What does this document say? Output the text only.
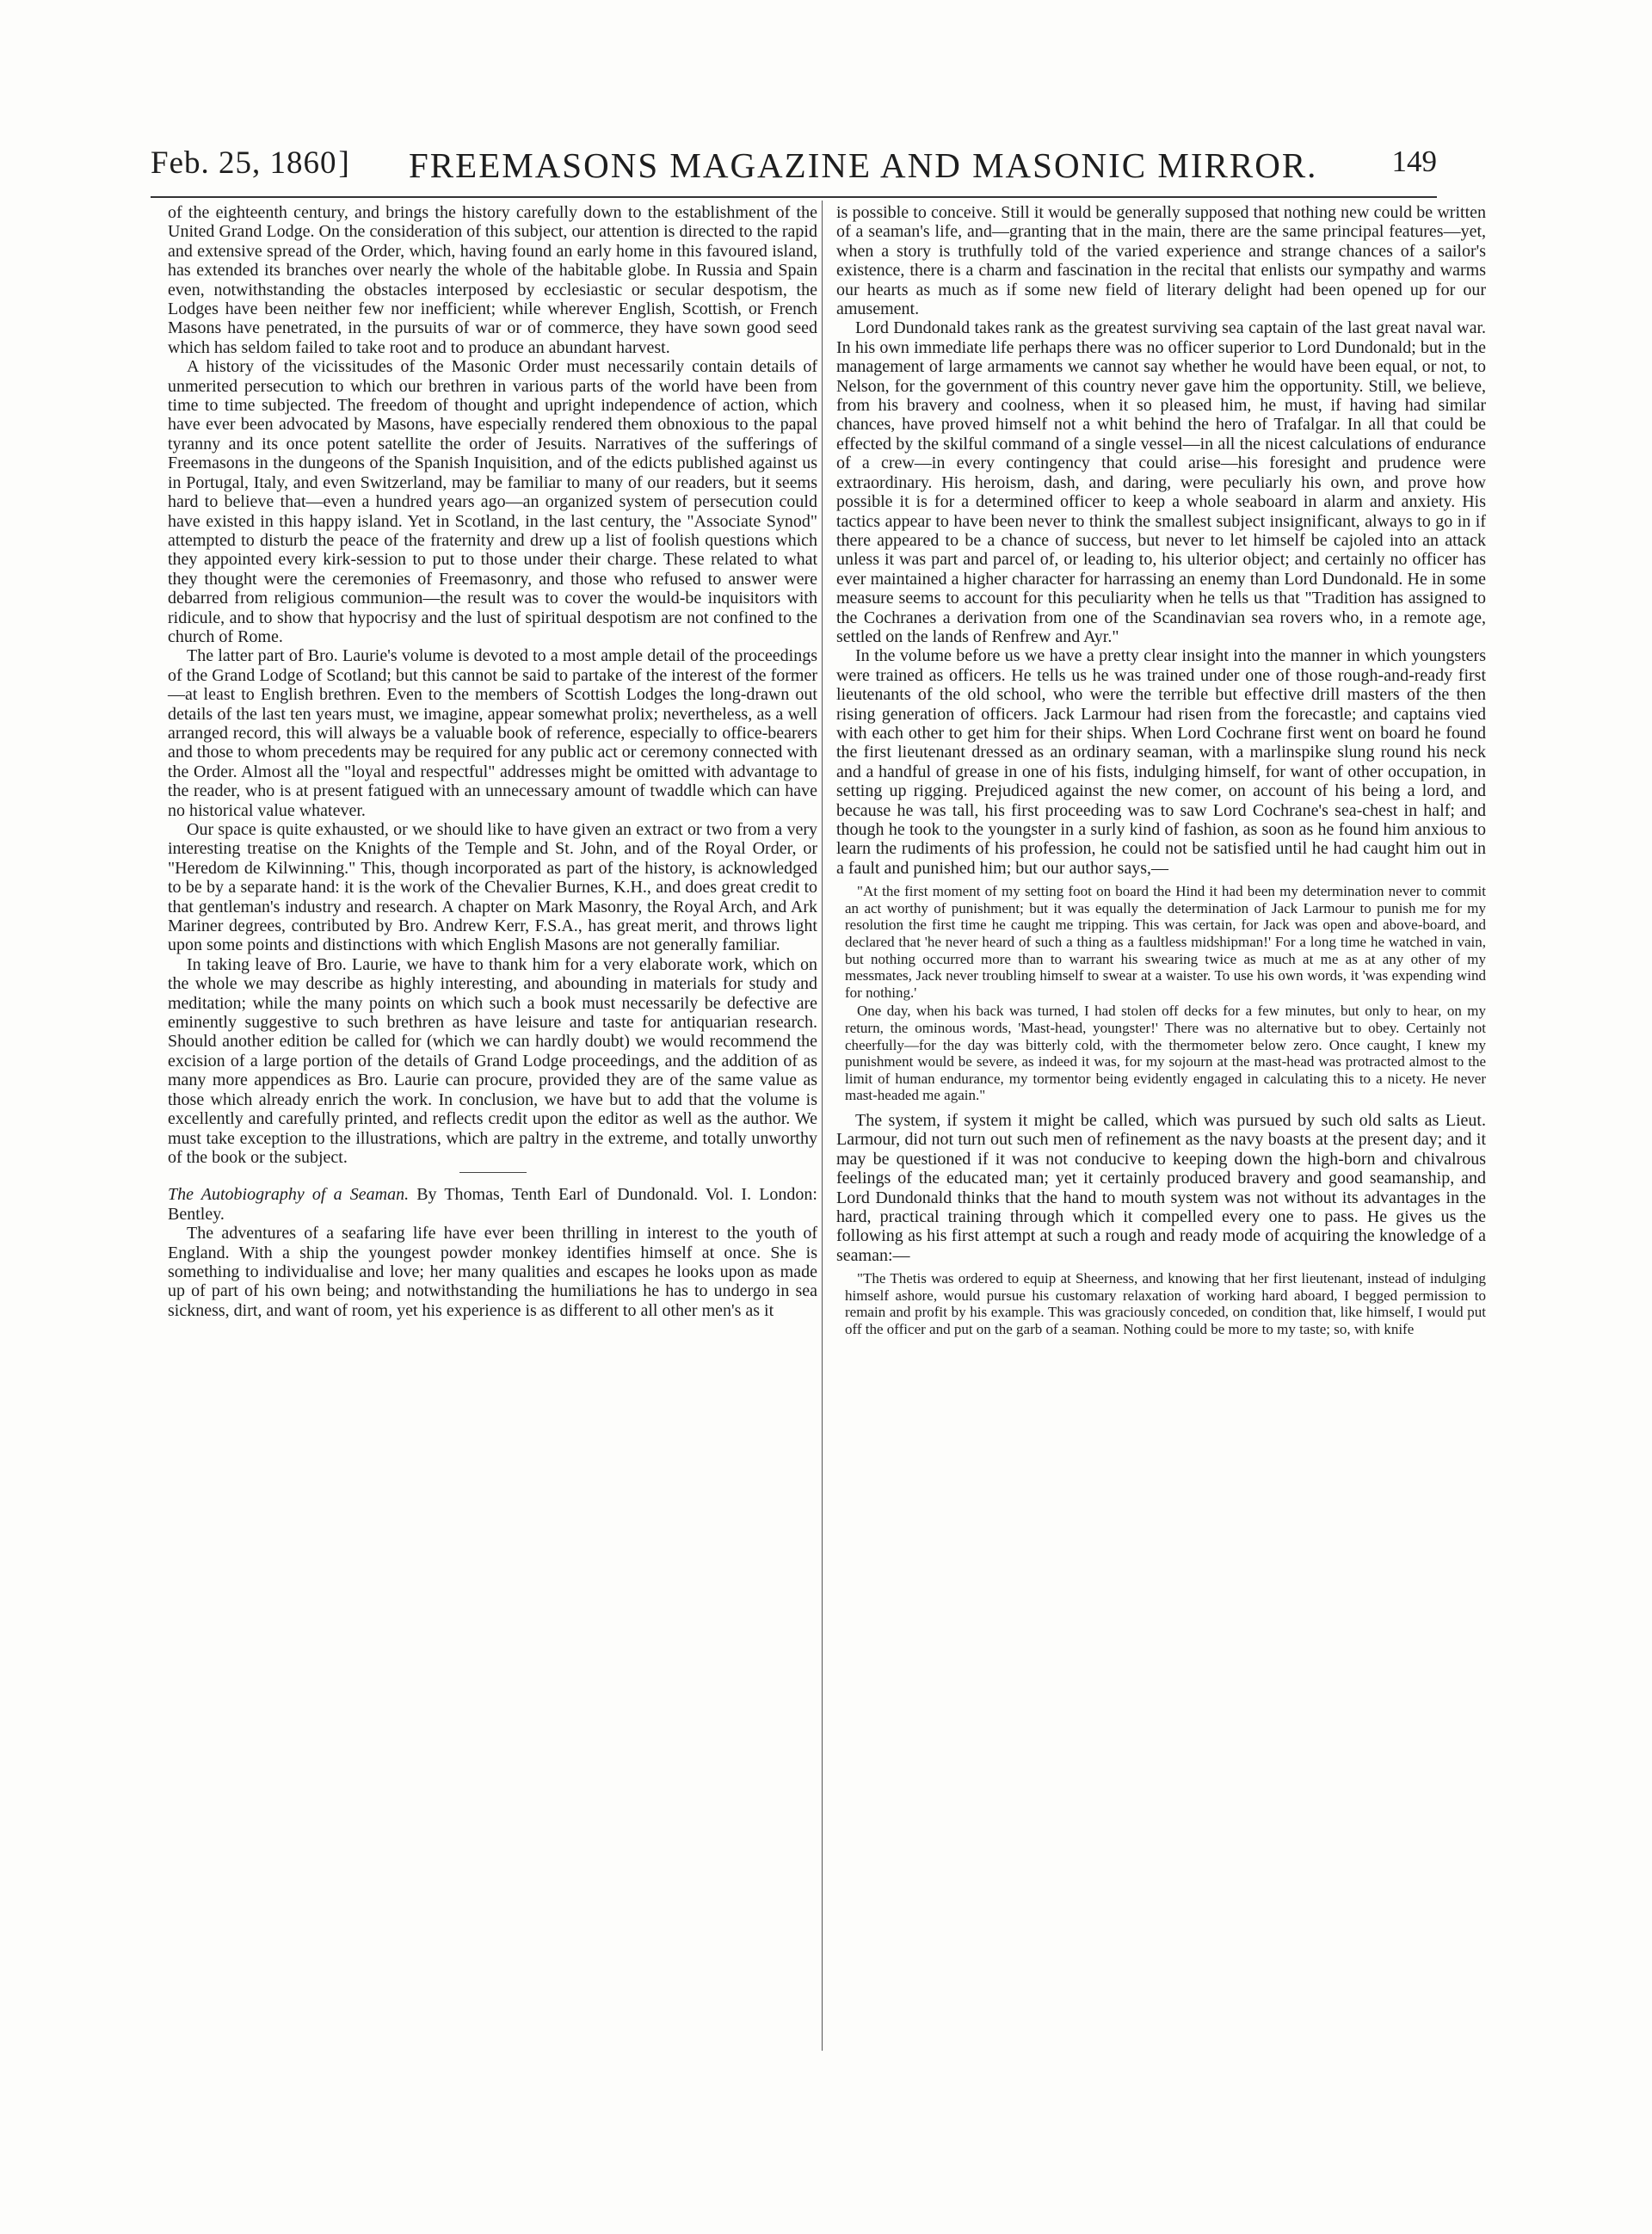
Feb. 25, 1860] FREEMASONS MAGAZINE AND MASONIC MIRROR. 149

of the eighteenth century, and brings the history carefully down to the establishment of the United Grand Lodge. On the consideration of this subject, our attention is directed to the rapid and extensive spread of the Order, which, having found an early home in this favoured island, has extended its branches over nearly the whole of the habitable globe. In Russia and Spain even, notwithstanding the obstacles interposed by ecclesiastic or secular despotism, the Lodges have been neither few nor inefficient; while wherever English, Scottish, or French Masons have penetrated, in the pursuits of war or of commerce, they have sown good seed which has seldom failed to take root and to produce an abundant harvest.

A history of the vicissitudes of the Masonic Order must necessarily contain details of unmerited persecution to which our brethren in various parts of the world have been from time to time subjected. The freedom of thought and upright independence of action, which have ever been advocated by Masons, have especially rendered them obnoxious to the papal tyranny and its once potent satellite the order of Jesuits. Narratives of the sufferings of Freemasons in the dungeons of the Spanish Inquisition, and of the edicts published against us in Portugal, Italy, and even Switzerland, may be familiar to many of our readers, but it seems hard to believe that—even a hundred years ago—an organized system of persecution could have existed in this happy island. Yet in Scotland, in the last century, the "Associate Synod" attempted to disturb the peace of the fraternity and drew up a list of foolish questions which they appointed every kirk-session to put to those under their charge. These related to what they thought were the ceremonies of Freemasonry, and those who refused to answer were debarred from religious communion—the result was to cover the would-be inquisitors with ridicule, and to show that hypocrisy and the lust of spiritual despotism are not confined to the church of Rome.

The latter part of Bro. Laurie's volume is devoted to a most ample detail of the proceedings of the Grand Lodge of Scotland; but this cannot be said to partake of the interest of the former—at least to English brethren. Even to the members of Scottish Lodges the long-drawn out details of the last ten years must, we imagine, appear somewhat prolix; nevertheless, as a well arranged record, this will always be a valuable book of reference, especially to office-bearers and those to whom precedents may be required for any public act or ceremony connected with the Order. Almost all the "loyal and respectful" addresses might be omitted with advantage to the reader, who is at present fatigued with an unnecessary amount of twaddle which can have no historical value whatever.

Our space is quite exhausted, or we should like to have given an extract or two from a very interesting treatise on the Knights of the Temple and St. John, and of the Royal Order, or "Heredom de Kilwinning." This, though incorporated as part of the history, is acknowledged to be by a separate hand: it is the work of the Chevalier Burnes, K.H., and does great credit to that gentleman's industry and research. A chapter on Mark Masonry, the Royal Arch, and Ark Mariner degrees, contributed by Bro. Andrew Kerr, F.S.A., has great merit, and throws light upon some points and distinctions with which English Masons are not generally familiar.

In taking leave of Bro. Laurie, we have to thank him for a very elaborate work, which on the whole we may describe as highly interesting, and abounding in materials for study and meditation; while the many points on which such a book must necessarily be defective are eminently suggestive to such brethren as have leisure and taste for antiquarian research. Should another edition be called for (which we can hardly doubt) we would recommend the excision of a large portion of the details of Grand Lodge proceedings, and the addition of as many more appendices as Bro. Laurie can procure, provided they are of the same value as those which already enrich the work. In conclusion, we have but to add that the volume is excellently and carefully printed, and reflects credit upon the editor as well as the author. We must take exception to the illustrations, which are paltry in the extreme, and totally unworthy of the book or the subject.

The Autobiography of a Seaman. By Thomas, Tenth Earl of Dundonald. Vol. I. London: Bentley.

The adventures of a seafaring life have ever been thrilling in interest to the youth of England. With a ship the youngest powder monkey identifies himself at once. She is something to individualise and love; her many qualities and escapes he looks upon as made up of part of his own being; and notwithstanding the humiliations he has to undergo in sea sickness, dirt, and want of room, yet his experience is as different to all other men's as it

is possible to conceive. Still it would be generally supposed that nothing new could be written of a seaman's life, and—granting that in the main, there are the same principal features—yet, when a story is truthfully told of the varied experience and strange chances of a sailor's existence, there is a charm and fascination in the recital that enlists our sympathy and warms our hearts as much as if some new field of literary delight had been opened up for our amusement.

Lord Dundonald takes rank as the greatest surviving sea captain of the last great naval war. In his own immediate life perhaps there was no officer superior to Lord Dundonald; but in the management of large armaments we cannot say whether he would have been equal, or not, to Nelson, for the government of this country never gave him the opportunity. Still, we believe, from his bravery and coolness, when it so pleased him, he must, if having had similar chances, have proved himself not a whit behind the hero of Trafalgar. In all that could be effected by the skilful command of a single vessel—in all the nicest calculations of endurance of a crew—in every contingency that could arise—his foresight and prudence were extraordinary. His heroism, dash, and daring, were peculiarly his own, and prove how possible it is for a determined officer to keep a whole seaboard in alarm and anxiety. His tactics appear to have been never to think the smallest subject insignificant, always to go in if there appeared to be a chance of success, but never to let himself be cajoled into an attack unless it was part and parcel of, or leading to, his ulterior object; and certainly no officer has ever maintained a higher character for harrassing an enemy than Lord Dundonald. He in some measure seems to account for this peculiarity when he tells us that "Tradition has assigned to the Cochranes a derivation from one of the Scandinavian sea rovers who, in a remote age, settled on the lands of Renfrew and Ayr."

In the volume before us we have a pretty clear insight into the manner in which youngsters were trained as officers. He tells us he was trained under one of those rough-and-ready first lieutenants of the old school, who were the terrible but effective drill masters of the then rising generation of officers. Jack Larmour had risen from the forecastle; and captains vied with each other to get him for their ships. When Lord Cochrane first went on board he found the first lieutenant dressed as an ordinary seaman, with a marlinspike slung round his neck and a handful of grease in one of his fists, indulging himself, for want of other occupation, in setting up rigging. Prejudiced against the new comer, on account of his being a lord, and because he was tall, his first proceeding was to saw Lord Cochrane's sea-chest in half; and though he took to the youngster in a surly kind of fashion, as soon as he found him anxious to learn the rudiments of his profession, he could not be satisfied until he had caught him out in a fault and punished him; but our author says,—

"At the first moment of my setting foot on board the Hind it had been my determination never to commit an act worthy of punishment; but it was equally the determination of Jack Larmour to punish me for my resolution the first time he caught me tripping. This was certain, for Jack was open and above-board, and declared that 'he never heard of such a thing as a faultless midshipman!' For a long time he watched in vain, but nothing occurred more than to warrant his swearing twice as much at me as at any other of my messmates, Jack never troubling himself to swear at a waister. To use his own words, it 'was expending wind for nothing.'

One day, when his back was turned, I had stolen off decks for a few minutes, but only to hear, on my return, the ominous words, 'Mast-head, youngster!' There was no alternative but to obey. Certainly not cheerfully—for the day was bitterly cold, with the thermometer below zero. Once caught, I knew my punishment would be severe, as indeed it was, for my sojourn at the mast-head was protracted almost to the limit of human endurance, my tormentor being evidently engaged in calculating this to a nicety. He never mast-headed me again."

The system, if system it might be called, which was pursued by such old salts as Lieut. Larmour, did not turn out such men of refinement as the navy boasts at the present day; and it may be questioned if it was not conducive to keeping down the high-born and chivalrous feelings of the educated man; yet it certainly produced bravery and good seamanship, and Lord Dundonald thinks that the hand to mouth system was not without its advantages in the hard, practical training through which it compelled every one to pass. He gives us the following as his first attempt at such a rough and ready mode of acquiring the knowledge of a seaman:—

"The Thetis was ordered to equip at Sheerness, and knowing that her first lieutenant, instead of indulging himself ashore, would pursue his customary relaxation of working hard aboard, I begged permission to remain and profit by his example. This was graciously conceded, on condition that, like himself, I would put off the officer and put on the garb of a seaman. Nothing could be more to my taste; so, with knife
